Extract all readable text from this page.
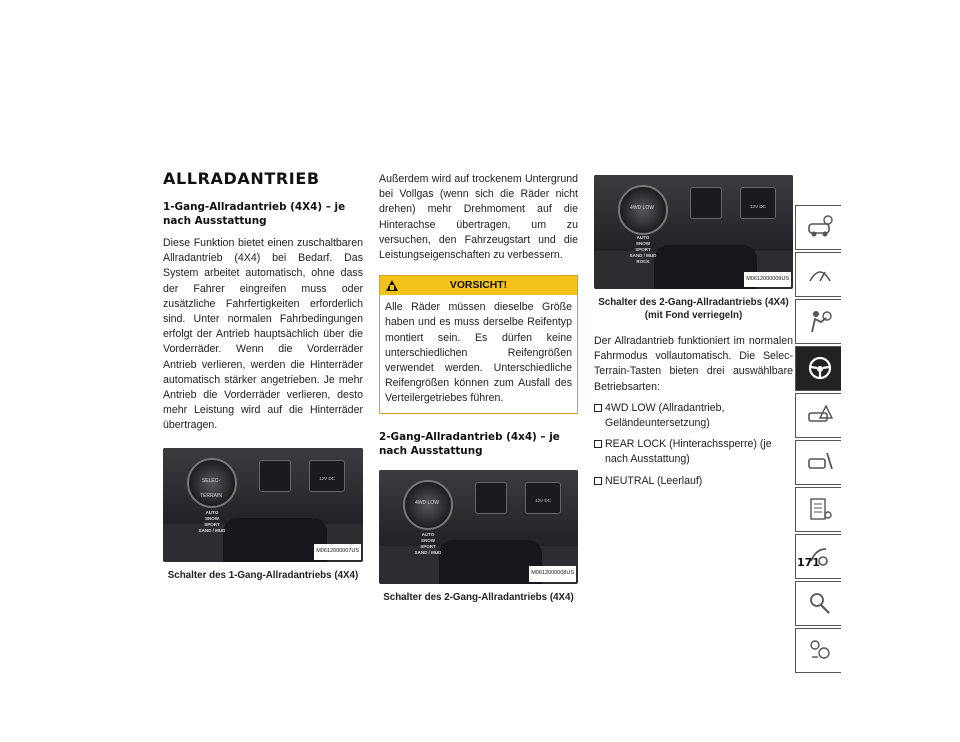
ALLRADANTRIEB
1-Gang-Allradantrieb (4X4) – je nach Ausstattung

Diese Funktion bietet einen zuschaltbaren Allradantrieb (4X4) bei Bedarf. Das System arbeitet automatisch, ohne dass der Fahrer eingreifen muss oder zusätzliche Fahrfertigkeiten erforderlich sind. Unter normalen Fahrbedingungen erfolgt der Antrieb hauptsächlich über die Vorderräder. Wenn die Vorderräder Antrieb verlieren, werden die Hinterräder automatisch stärker angetrieben. Je mehr Antrieb die Vorderräder verlieren, desto mehr Leistung wird auf die Hinterräder übertragen.

SELEC-TERRAIN
12V DC
AUTO
SNOW
SPORT
SAND / MUD
M0612000007US
Schalter des 1-Gang-Allradantriebs (4X4)

Außerdem wird auf trockenem Untergrund bei Vollgas (wenn sich die Räder nicht drehen) mehr Drehmoment auf die Hinterachse übertragen, um zu versuchen, den Fahrzeugstart und die Leistungseigenschaften zu verbessern.

VORSICHT!

Alle Räder müssen dieselbe Größe haben und es muss derselbe Reifentyp montiert sein. Es dürfen keine unterschiedlichen Reifengrößen verwendet werden. Unterschiedliche Reifengrößen können zum Ausfall des Verteilergetriebes führen.

2-Gang-Allradantrieb (4x4) – je nach Ausstattung
4WD LOW	12V DC
AUTO
SNOW
SPORT
SAND / MUD
M0612000008US
Schalter des 2-Gang-Allradantriebs (4X4)
4WD LOW	12V DC
AUTO
SNOW
SPORT
SAND / MUD
ROCK
M0612000009US
Schalter des 2-Gang-Allradantriebs (4X4) (mit Fond verriegeln)

Der Allradantrieb funktioniert im normalen Fahrmodus vollautomatisch. Die Selec-Terrain-Tasten bieten drei auswählbare Betriebsarten:

4WD LOW (Allradantrieb, Geländeuntersetzung)
REAR LOCK (Hinterachssperre) (je nach Ausstattung)
NEUTRAL (Leerlauf)
171
